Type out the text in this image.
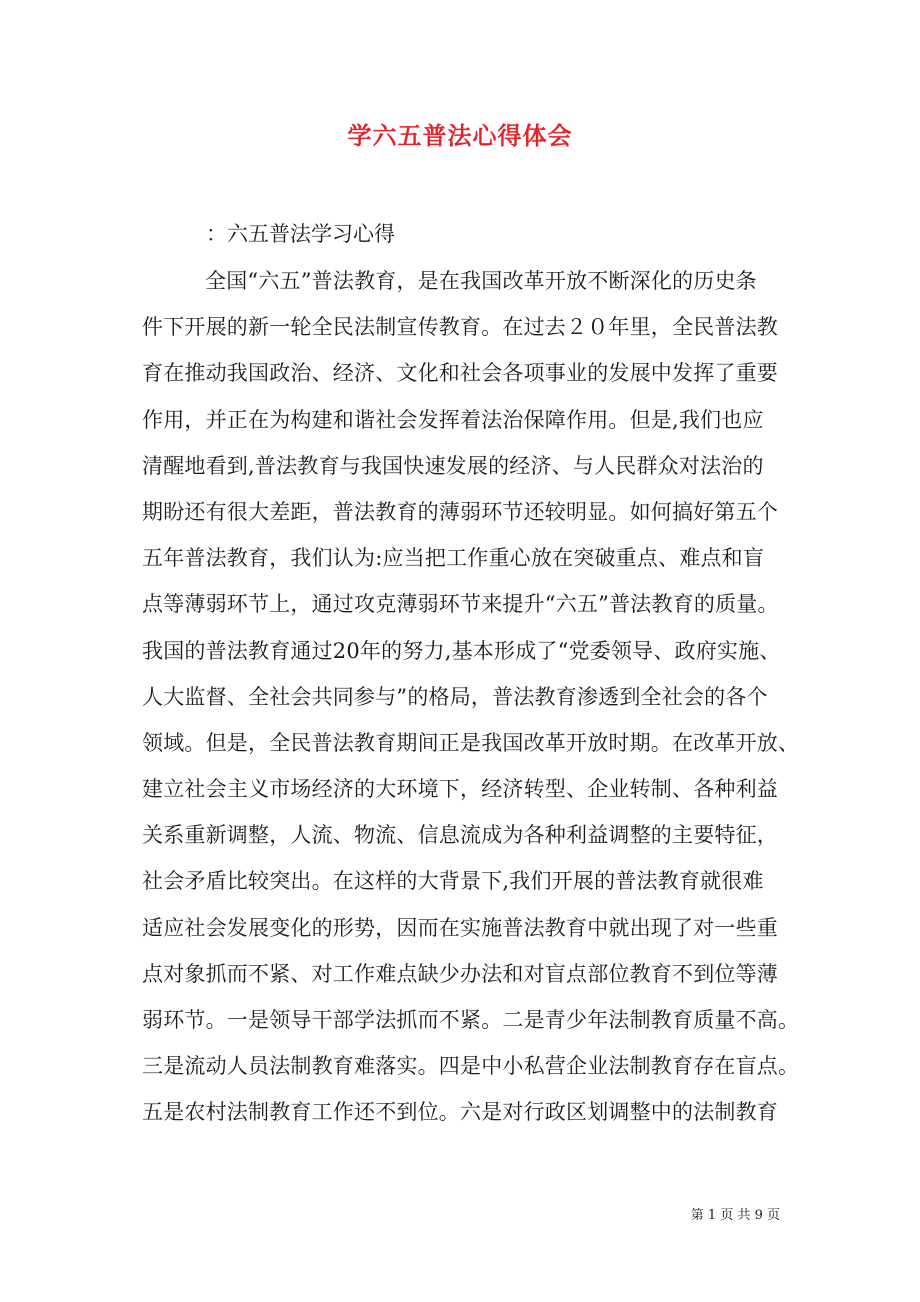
学六五普法心得体会
：六五普法学习心得
全国“六五”普法教育，是在我国改革开放不断深化的历史条
件下开展的新一轮全民法制宣传教育。在过去２０年里，全民普法教
育在推动我国政治、经济、文化和社会各项事业的发展中发挥了重要
作用，并正在为构建和谐社会发挥着法治保障作用。但是,我们也应
清醒地看到,普法教育与我国快速发展的经济、与人民群众对法治的
期盼还有很大差距，普法教育的薄弱环节还较明显。如何搞好第五个
五年普法教育，我们认为:应当把工作重心放在突破重点、难点和盲
点等薄弱环节上，通过攻克薄弱环节来提升“六五”普法教育的质量。
我国的普法教育通过20年的努力,基本形成了“党委领导、政府实施、
人大监督、全社会共同参与”的格局，普法教育渗透到全社会的各个
领域。但是，全民普法教育期间正是我国改革开放时期。在改革开放、
建立社会主义市场经济的大环境下，经济转型、企业转制、各种利益
关系重新调整，人流、物流、信息流成为各种利益调整的主要特征，
社会矛盾比较突出。在这样的大背景下,我们开展的普法教育就很难
适应社会发展变化的形势，因而在实施普法教育中就出现了对一些重
点对象抓而不紧、对工作难点缺少办法和对盲点部位教育不到位等薄
弱环节。一是领导干部学法抓而不紧。二是青少年法制教育质量不高。
三是流动人员法制教育难落实。四是中小私营企业法制教育存在盲点。
五是农村法制教育工作还不到位。六是对行政区划调整中的法制教育
第 1 页 共 9 页
